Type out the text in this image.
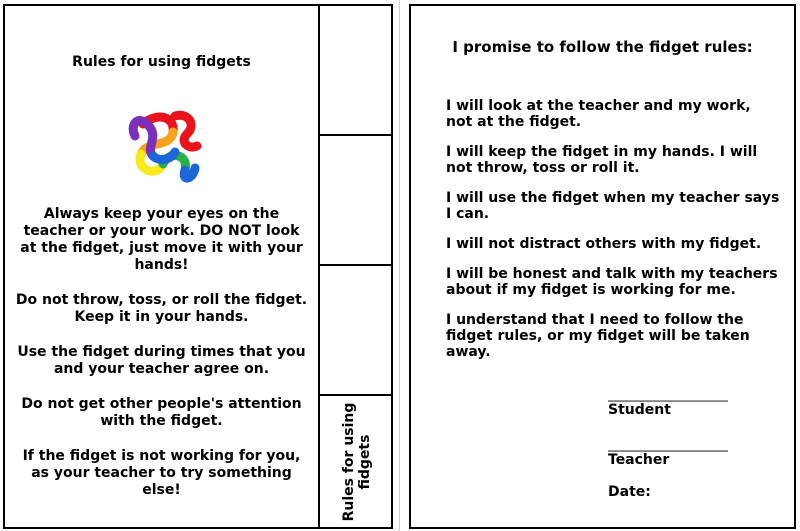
Rules for using fidgets
Always keep your eyes on the teacher or your work. DO NOT look at the fidget, just move it with your hands!
Do not throw, toss, or roll the fidget. Keep it in your hands.
Use the fidget during times that you and your teacher agree on.
Do not get other people's attention with the fidget.
If the fidget is not working for you, as your teacher to try something else!	Rules for using fidgets
I promise to follow the fidget rules:
I will look at the teacher and my work, not at the fidget.
I will keep the fidget in my hands. I will not throw, toss or roll it.
I will use the fidget when my teacher says I can.
I will not distract others with my fidget.
I will be honest and talk with my teachers about if my fidget is working for me.
I understand that I need to follow the fidget rules, or my fidget will be taken away.
________________________
Student
________________________
Teacher
Date:
